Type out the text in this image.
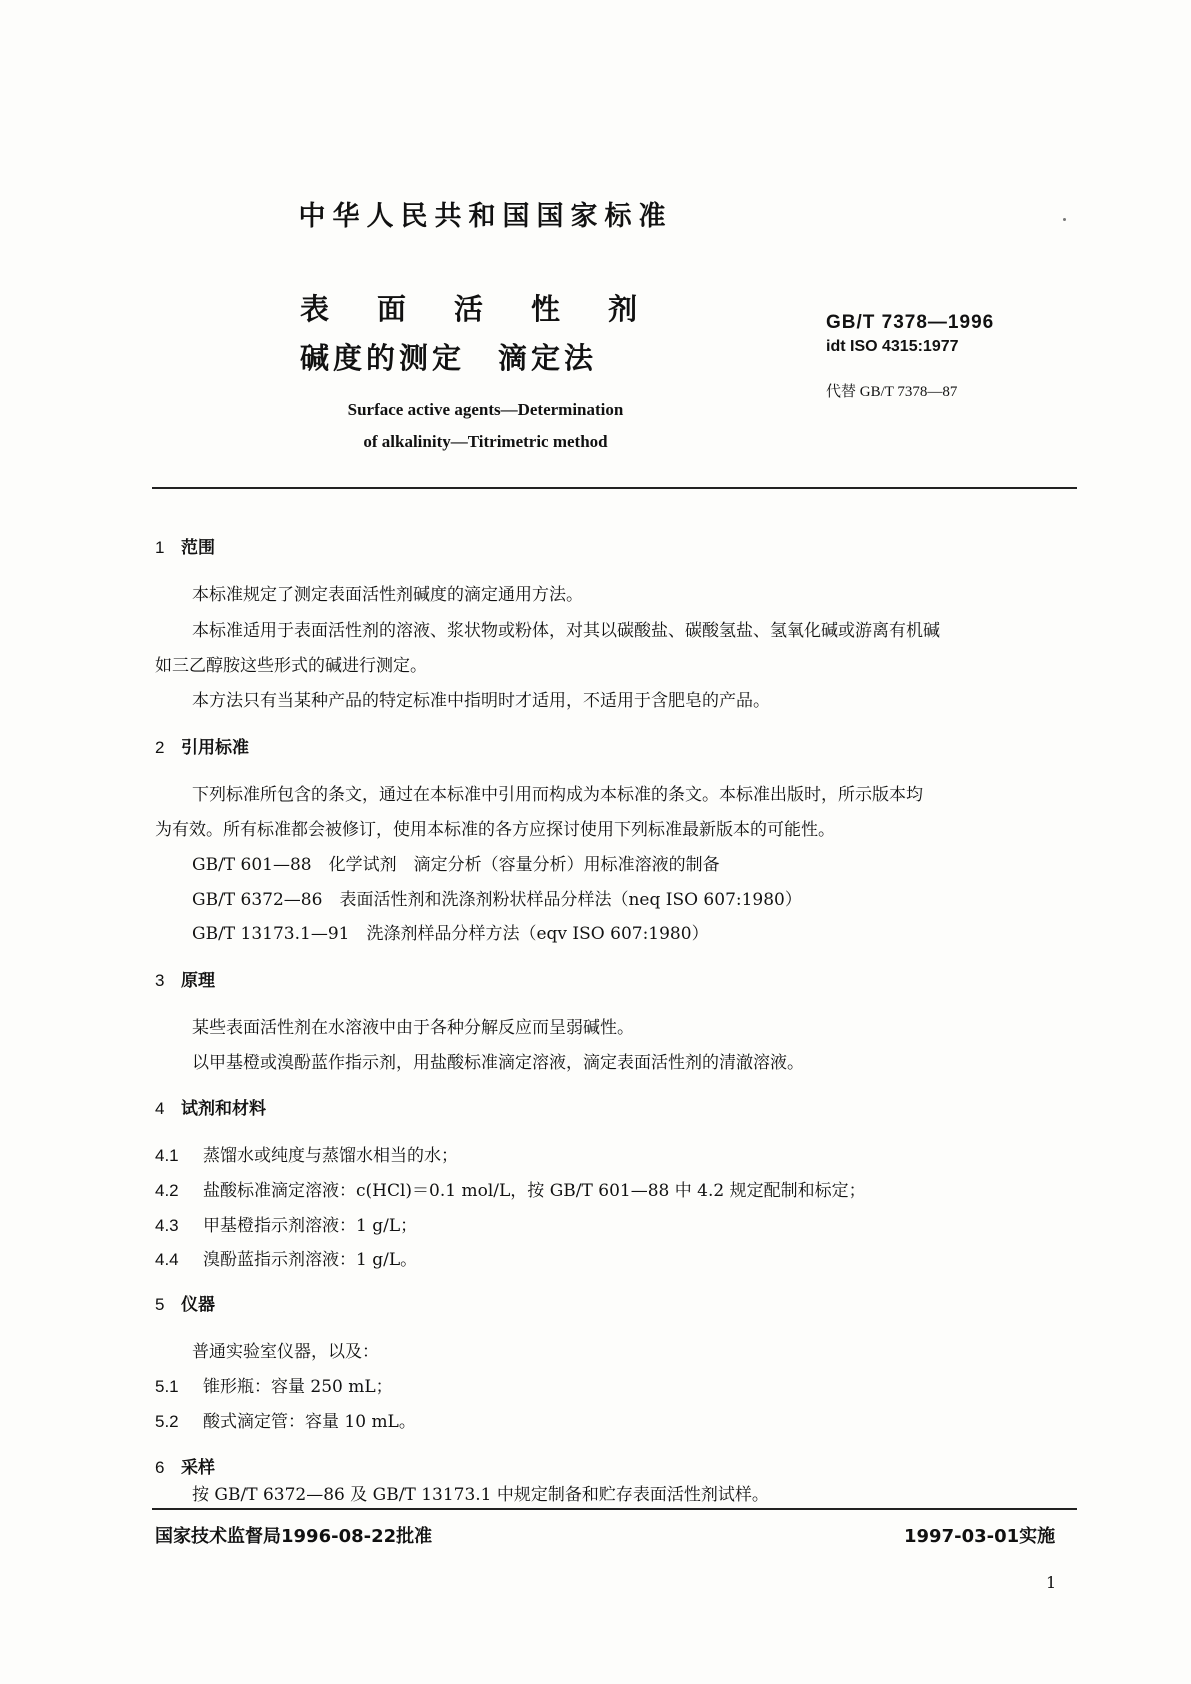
中华人民共和国国家标准
表 面 活 性 剂
碱度的测定　滴定法
Surface active agents—Determination
of alkalinity—Titrimetric method
GB/T 7378—1996
idt ISO 4315:1977
代替 GB/T 7378—87
1 范围
本标准规定了测定表面活性剂碱度的滴定通用方法。
本标准适用于表面活性剂的溶液、浆状物或粉体，对其以碳酸盐、碳酸氢盐、氢氧化碱或游离有机碱
如三乙醇胺这些形式的碱进行测定。
本方法只有当某种产品的特定标准中指明时才适用，不适用于含肥皂的产品。
2 引用标准
下列标准所包含的条文，通过在本标准中引用而构成为本标准的条文。本标准出版时，所示版本均
为有效。所有标准都会被修订，使用本标准的各方应探讨使用下列标准最新版本的可能性。
GB/T 601—88　化学试剂　滴定分析（容量分析）用标准溶液的制备
GB/T 6372—86　表面活性剂和洗涤剂粉状样品分样法（neq ISO 607:1980）
GB/T 13173.1—91　洗涤剂样品分样方法（eqv ISO 607:1980）
3 原理
某些表面活性剂在水溶液中由于各种分解反应而呈弱碱性。
以甲基橙或溴酚蓝作指示剂，用盐酸标准滴定溶液，滴定表面活性剂的清澈溶液。
4 试剂和材料
4.1 蒸馏水或纯度与蒸馏水相当的水；
4.2 盐酸标准滴定溶液：c(HCl)＝0.1 mol/L，按 GB/T 601—88 中 4.2 规定配制和标定；
4.3 甲基橙指示剂溶液：1 g/L；
4.4 溴酚蓝指示剂溶液：1 g/L。
5 仪器
普通实验室仪器，以及：
5.1 锥形瓶：容量 250 mL；
5.2 酸式滴定管：容量 10 mL。
6 采样
按 GB/T 6372—86 及 GB/T 13173.1 中规定制备和贮存表面活性剂试样。
国家技术监督局1996-08-22批准	1997-03-01实施
1
